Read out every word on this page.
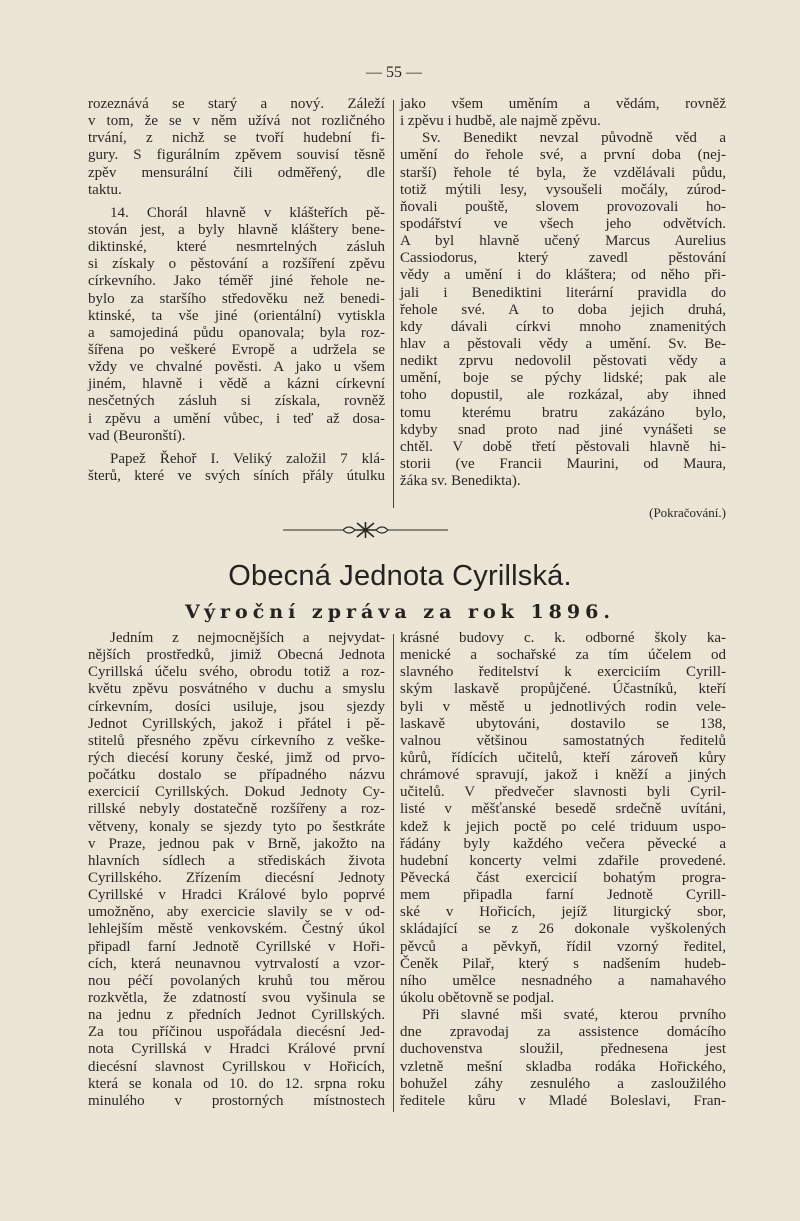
— 55 —
rozeznává se starý a nový. Záleží
v tom, že se v něm užívá not rozličného
trvání, z nichž se tvoří hudební fi-
gury. S figurálním zpěvem souvisí těsně
zpěv mensurální čili odměřený, dle
taktu.
14. Chorál hlavně v klášteřích pě-
stován jest, a byly hlavně kláštery bene-
diktinské, které nesmrtelných zásluh
si získaly o pěstování a rozšíření zpěvu
církevního. Jako téměř jiné řehole ne-
bylo za staršího středověku než benedi-
ktinské, ta vše jiné (orientální) vytiskla
a samojediná půdu opanovala; byla roz-
šířena po veškeré Evropě a udržela se
vždy ve chvalné pověsti. A jako u všem
jiném, hlavně i vědě a kázni církevní
nesčetných zásluh si získala, rovněž
i zpěvu a umění vůbec, i teď až dosa-
vad (Beuronští).
Papež Řehoř I. Veliký založil 7 klá-
šterů, které ve svých síních přály útulku
jako všem uměním a vědám, rovněž
i zpěvu i hudbě, ale najmě zpěvu.
Sv. Benedikt nevzal původně věd a
umění do řehole své, a první doba (nej-
starší) řehole té byla, že vzdělávali půdu,
totiž mýtili lesy, vysoušeli močály, zúrod-
ňovali pouště, slovem provozovali ho-
spodářství ve všech jeho odvětvích.
A byl hlavně učený Marcus Aurelius
Cassiodorus, který zavedl pěstování
vědy a umění i do kláštera; od něho při-
jali i Benediktini literární pravidla do
řehole své. A to doba jejich druhá,
kdy dávali církvi mnoho znamenitých
hlav a pěstovali vědy a umění. Sv. Be-
nedikt zprvu nedovolil pěstovati vědy a
umění, boje se pýchy lidské; pak ale
toho dopustil, ale rozkázal, aby ihned
tomu kterému bratru zakázáno bylo,
kdyby snad proto nad jiné vynášeti se
chtěl. V době třetí pěstovali hlavně hi-
storii (ve Francii Maurini, od Maura,
žáka sv. Benedikta).
(Pokračování.)
Obecná Jednota Cyrillská.
Výroční zpráva za rok 1896.
Jedním z nejmocnějších a nejvydat-
nějších prostředků, jimiž Obecná Jednota
Cyrillská účelu svého, obrodu totiž a roz-
květu zpěvu posvátného v duchu a smyslu
církevním, dosíci usiluje, jsou sjezdy
Jednot Cyrillských, jakož i přátel i pě-
stitelů přesného zpěvu církevního z veške-
rých diecésí koruny české, jimž od prvo-
počátku dostalo se případného názvu
exercicií Cyrillských. Dokud Jednoty Cy-
rillské nebyly dostatečně rozšířeny a roz-
větveny, konaly se sjezdy tyto po šestkráte
v Praze, jednou pak v Brně, jakožto na
hlavních sídlech a střediskách života
Cyrillského. Zřízením diecésní Jednoty
Cyrillské v Hradci Králové bylo poprvé
umožněno, aby exercicie slavily se v od-
lehlejším městě venkovském. Čestný úkol
připadl farní Jednotě Cyrillské v Hoři-
cích, která neunavnou vytrvalostí a vzor-
nou péčí povolaných kruhů tou měrou
rozkvětla, že zdatností svou vyšinula se
na jednu z předních Jednot Cyrillských.
Za tou příčinou uspořádala diecésní Jed-
nota Cyrillská v Hradci Králové první
diecésní slavnost Cyrillskou v Hořicích,
která se konala od 10. do 12. srpna roku
minulého v prostorných místnostech
krásné budovy c. k. odborné školy ka-
menické a sochařské za tím účelem od
slavného ředitelství k exerciciím Cyrill-
ským laskavě propůjčené. Účastníků, kteří
byli v městě u jednotlivých rodin vele-
laskavě ubytováni, dostavilo se 138,
valnou většinou samostatných ředitelů
kůrů, řídících učitelů, kteří zároveň kůry
chrámové spravují, jakož i kněží a jiných
učitelů. V předvečer slavnosti byli Cyril-
listé v měšťanské besedě srdečně uvítáni,
kdež k jejich poctě po celé triduum uspo-
řádány byly každého večera pěvecké a
hudební koncerty velmi zdařile provedené.
Pěvecká část exercicií bohatým progra-
mem připadla farní Jednotě Cyrill-
ské v Hořicích, jejíž liturgický sbor,
skládající se z 26 dokonale vyškolených
pěvců a pěvkyň, řídil vzorný ředitel,
Čeněk Pilař, který s nadšením hudeb-
ního umělce nesnadného a namahavého
úkolu obětovně se podjal.
Při slavné mši svaté, kterou prvního
dne zpravodaj za assistence domácího
duchovenstva sloužil, přednesena jest
vzletně mešní skladba rodáka Hořického,
bohužel záhy zesnulého a zasloužilého
ředitele kůru v Mladé Boleslavi, Fran-
